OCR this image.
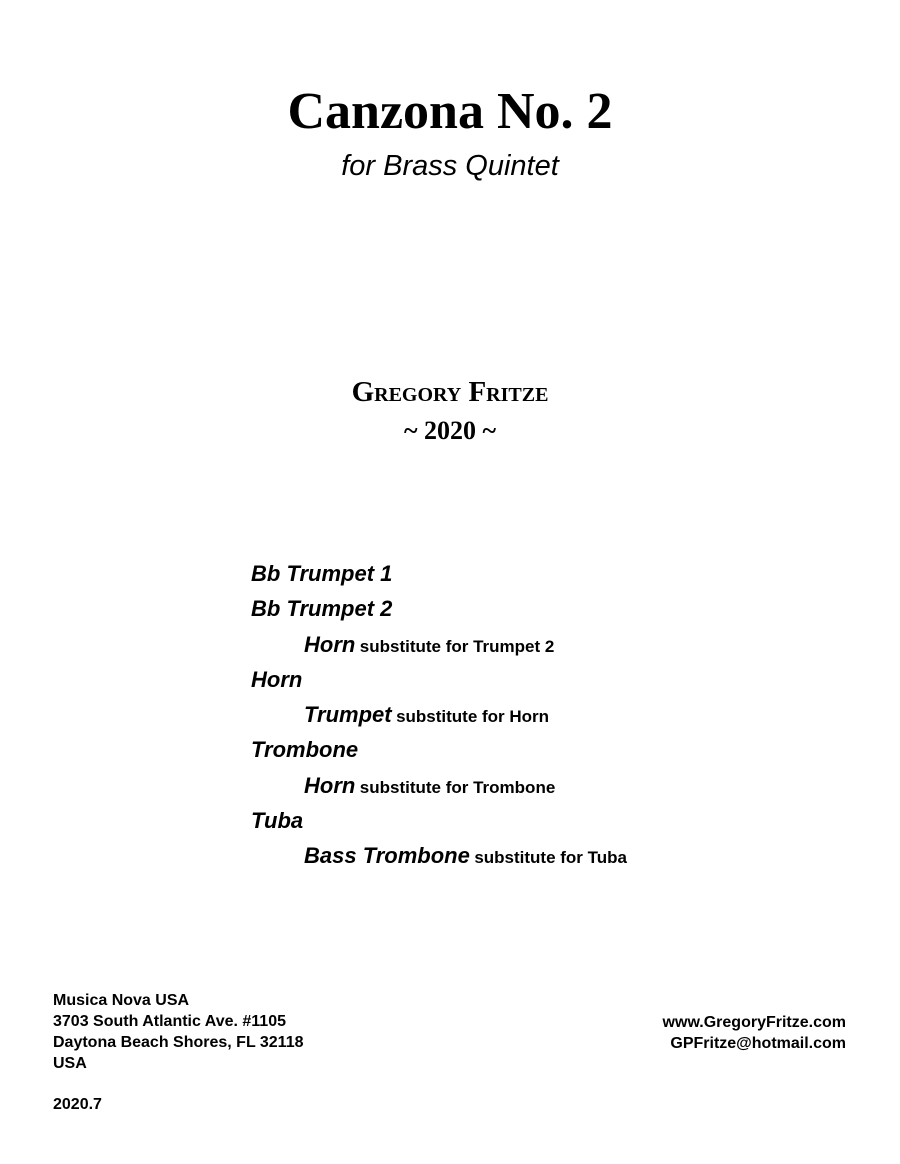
Canzona No. 2
for Brass Quintet
Gregory Fritze
~ 2020 ~
Bb Trumpet 1
Bb Trumpet 2
Horn substitute for Trumpet 2
Horn
Trumpet substitute for Horn
Trombone
Horn substitute for Trombone
Tuba
Bass Trombone substitute for Tuba
Musica Nova USA
3703 South Atlantic Ave. #1105
Daytona Beach Shores, FL 32118
USA
www.GregoryFritze.com
GPFritze@hotmail.com
2020.7
